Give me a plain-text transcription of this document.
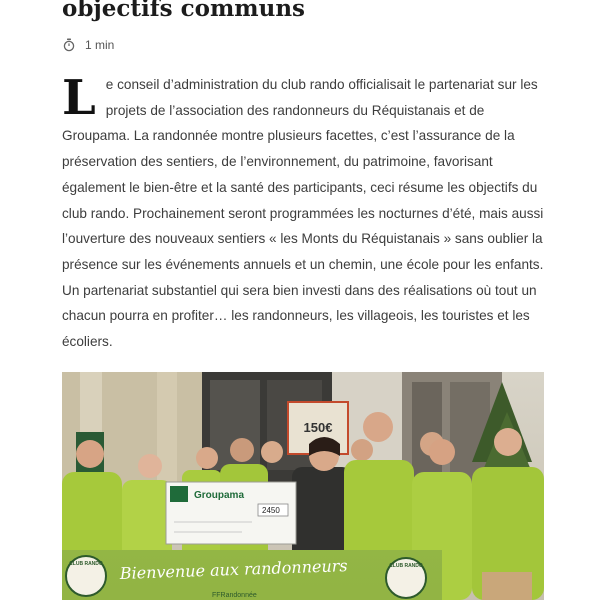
objectifs communs
1 min
L e conseil d’administration du club rando officialisait le partenariat sur les projets de l’association des randonneurs du Réquistanais et de Groupama. La randonnée montre plusieurs facettes, c’est l’assurance de la préservation des sentiers, de l’environnement, du patrimoine, favorisant également le bien-être et la santé des participants, ceci résume les objectifs du club rando. Prochainement seront programmées les nocturnes d’été, mais aussi l’ouverture des nouveaux sentiers « les Monts du Réquistanais » sans oublier la présence sur les événements annuels et un chemin, une école pour les enfants. Un partenariat substantiel qui sera bien investi dans des réalisations où tout un chacun pourra en profiter… les randonneurs, les villageois, les touristes et les écoliers.

150€
Groupama
2450
CLUB RANDO	CLUB RANDO
Bienvenue aux randonneurs
FFRandonnée
